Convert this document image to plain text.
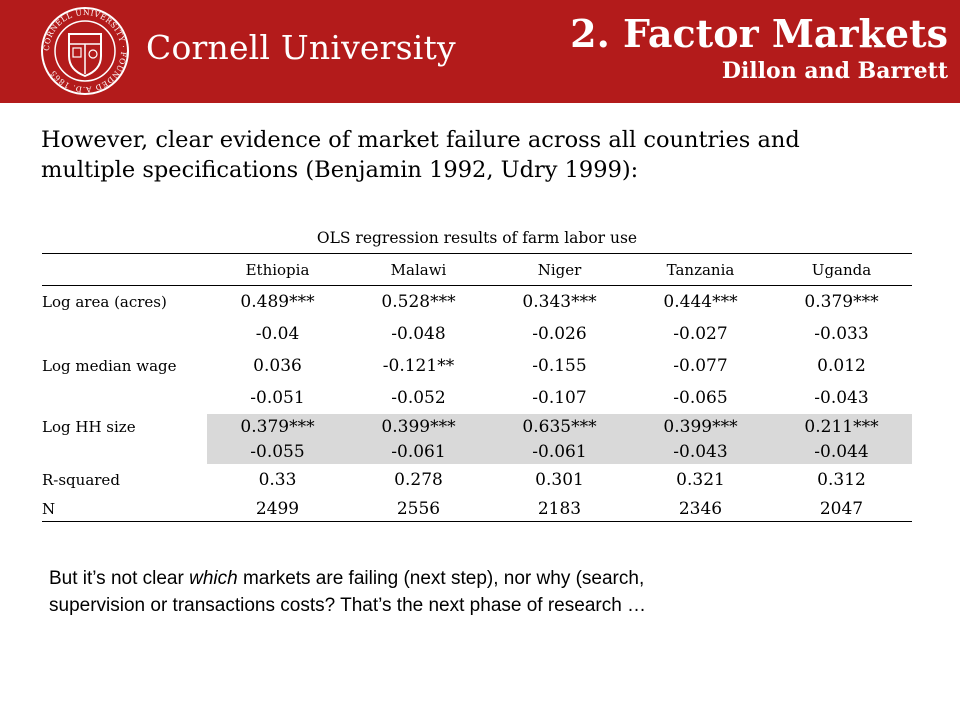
CORNELL UNIVERSITY · FOUNDED A.D. 1865
Cornell University	2. Factor Markets
Dillon and Barrett
However, clear evidence of market failure across all countries and
multiple specifications (Benjamin 1992, Udry 1999):
OLS regression results of farm labor use
	Ethiopia	Malawi	Niger	Tanzania	Uganda
Log area (acres)	0.489***	0.528***	0.343***	0.444***	0.379***
	-0.04	-0.048	-0.026	-0.027	-0.033
Log median wage	0.036	-0.121**	-0.155	-0.077	0.012
	-0.051	-0.052	-0.107	-0.065	-0.043
Log HH size	0.379***	0.399***	0.635***	0.399***	0.211***
	-0.055	-0.061	-0.061	-0.043	-0.044
R-squared	0.33	0.278	0.301	0.321	0.312
N	2499	2556	2183	2346	2047
But it’s not clear which markets are failing (next step), nor why (search,
supervision or transactions costs? That’s the next phase of research …
